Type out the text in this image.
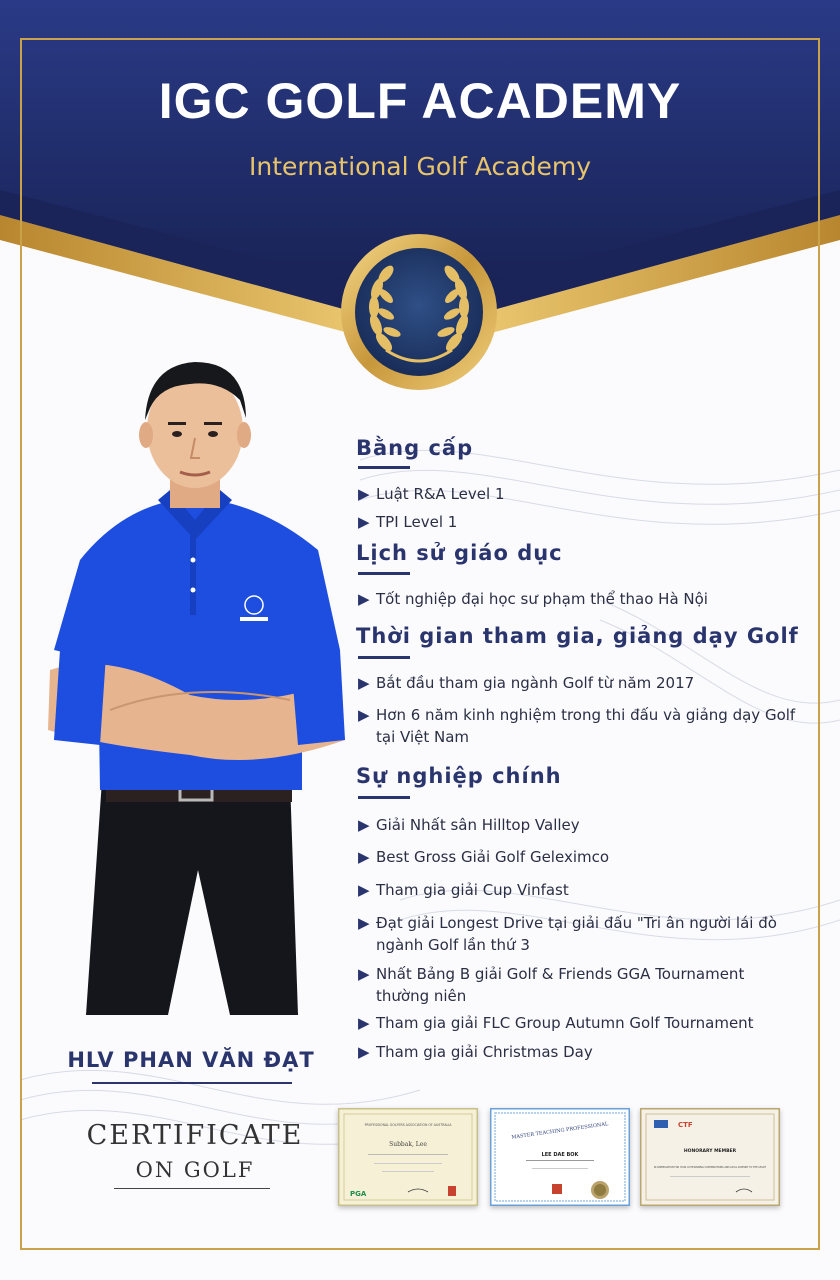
IGC GOLF ACADEMY
International Golf Academy
HLV PHAN VĂN ĐẠT
CERTIFICATE
ON GOLF
Bằng cấp
▶ Luật R&A Level 1
▶ TPI Level 1
Lịch sử giáo dục
▶ Tốt nghiệp đại học sư phạm thể thao Hà Nội
Thời gian tham gia, giảng dạy Golf
▶ Bắt đầu tham gia ngành Golf từ năm 2017
▶ Hơn 6 năm kinh nghiệm trong thi đấu và giảng dạy Golf tại Việt Nam
Sự nghiệp chính
▶ Giải Nhất sân Hilltop Valley
▶ Best Gross Giải Golf Geleximco
▶ Tham gia giải Cup Vinfast
▶ Đạt giải Longest Drive tại giải đấu "Tri ân người lái đò ngành Golf lần thứ 3
▶ Nhất Bảng B giải Golf & Friends GGA Tournament thường niên
▶ Tham gia giải FLC Group Autumn Golf Tournament
▶ Tham gia giải Christmas Day
PROFESSIONAL GOLFERS ASSOCIATION OF AUSTRALIA
Subbak, Lee
PGA
MASTER TEACHING PROFESSIONAL
LEE DAE BOK
CTF
HONORARY MEMBER
IN APPRECIATION FOR YOUR OUTSTANDING CONTRIBUTIONS AND LOYAL SUPPORT TO THE LEGOT
